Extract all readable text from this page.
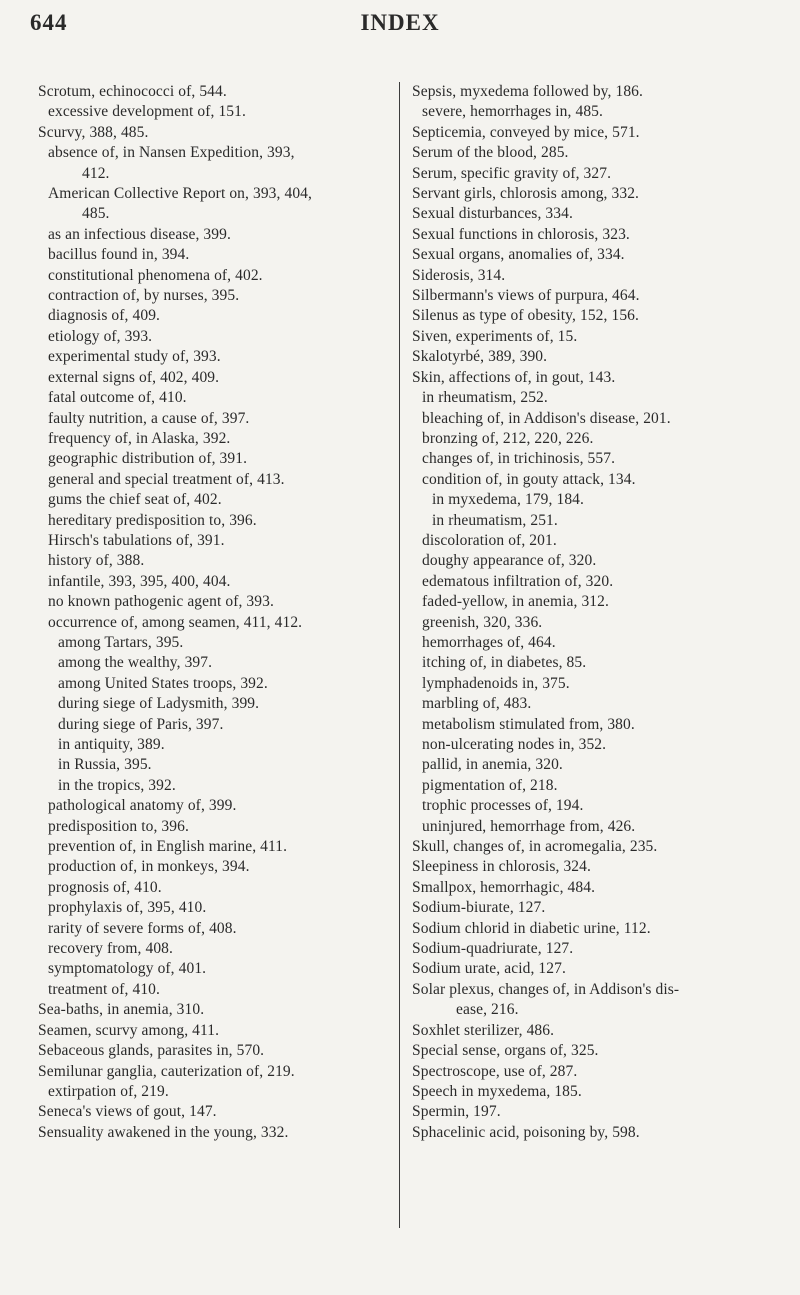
644	INDEX
Scrotum, echinococci of, 544.
excessive development of, 151.
Scurvy, 388, 485.
absence of, in Nansen Expedition, 393,
412.
American Collective Report on, 393, 404,
485.
as an infectious disease, 399.
bacillus found in, 394.
constitutional phenomena of, 402.
contraction of, by nurses, 395.
diagnosis of, 409.
etiology of, 393.
experimental study of, 393.
external signs of, 402, 409.
fatal outcome of, 410.
faulty nutrition, a cause of, 397.
frequency of, in Alaska, 392.
geographic distribution of, 391.
general and special treatment of, 413.
gums the chief seat of, 402.
hereditary predisposition to, 396.
Hirsch's tabulations of, 391.
history of, 388.
infantile, 393, 395, 400, 404.
no known pathogenic agent of, 393.
occurrence of, among seamen, 411, 412.
among Tartars, 395.
among the wealthy, 397.
among United States troops, 392.
during siege of Ladysmith, 399.
during siege of Paris, 397.
in antiquity, 389.
in Russia, 395.
in the tropics, 392.
pathological anatomy of, 399.
predisposition to, 396.
prevention of, in English marine, 411.
production of, in monkeys, 394.
prognosis of, 410.
prophylaxis of, 395, 410.
rarity of severe forms of, 408.
recovery from, 408.
symptomatology of, 401.
treatment of, 410.
Sea-baths, in anemia, 310.
Seamen, scurvy among, 411.
Sebaceous glands, parasites in, 570.
Semilunar ganglia, cauterization of, 219.
extirpation of, 219.
Seneca's views of gout, 147.
Sensuality awakened in the young, 332.
Sepsis, myxedema followed by, 186.
severe, hemorrhages in, 485.
Septicemia, conveyed by mice, 571.
Serum of the blood, 285.
Serum, specific gravity of, 327.
Servant girls, chlorosis among, 332.
Sexual disturbances, 334.
Sexual functions in chlorosis, 323.
Sexual organs, anomalies of, 334.
Siderosis, 314.
Silbermann's views of purpura, 464.
Silenus as type of obesity, 152, 156.
Siven, experiments of, 15.
Skalotyrbé, 389, 390.
Skin, affections of, in gout, 143.
in rheumatism, 252.
bleaching of, in Addison's disease, 201.
bronzing of, 212, 220, 226.
changes of, in trichinosis, 557.
condition of, in gouty attack, 134.
in myxedema, 179, 184.
in rheumatism, 251.
discoloration of, 201.
doughy appearance of, 320.
edematous infiltration of, 320.
faded-yellow, in anemia, 312.
greenish, 320, 336.
hemorrhages of, 464.
itching of, in diabetes, 85.
lymphadenoids in, 375.
marbling of, 483.
metabolism stimulated from, 380.
non-ulcerating nodes in, 352.
pallid, in anemia, 320.
pigmentation of, 218.
trophic processes of, 194.
uninjured, hemorrhage from, 426.
Skull, changes of, in acromegalia, 235.
Sleepiness in chlorosis, 324.
Smallpox, hemorrhagic, 484.
Sodium-biurate, 127.
Sodium chlorid in diabetic urine, 112.
Sodium-quadriurate, 127.
Sodium urate, acid, 127.
Solar plexus, changes of, in Addison's dis-
ease, 216.
Soxhlet sterilizer, 486.
Special sense, organs of, 325.
Spectroscope, use of, 287.
Speech in myxedema, 185.
Spermin, 197.
Sphacelinic acid, poisoning by, 598.
